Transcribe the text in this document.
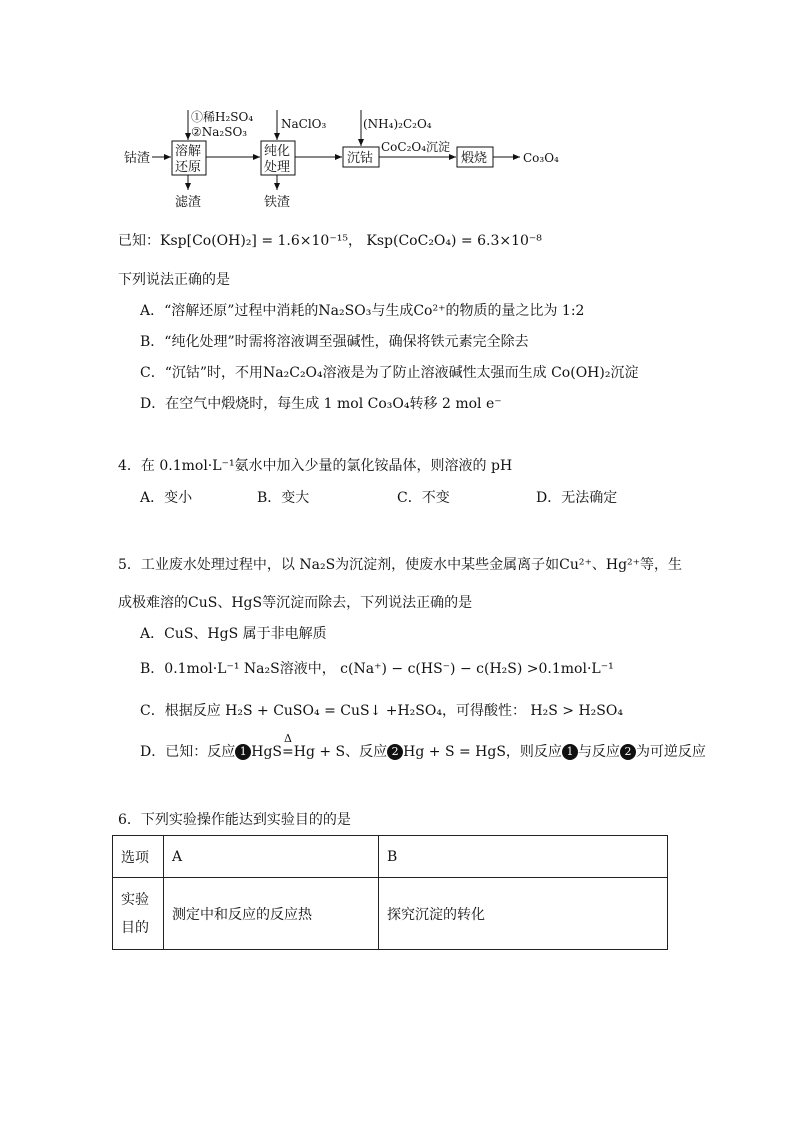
钴渣 溶解
还原
①稀H₂SO₄
②Na₂SO₃
滤渣
纯化
处理
NaClO₃
铁渣
沉钴
(NH₄)₂C₂O₄
CoC₂O₄沉淀
煅烧	Co₃O₄
已知：Ksp[Co(OH)₂] = 1.6×10⁻¹⁵， Ksp(CoC₂O₄) = 6.3×10⁻⁸
下列说法正确的是
A．“溶解还原”过程中消耗的Na₂SO₃与生成Co²⁺的物质的量之比为 1:2
B．“纯化处理”时需将溶液调至强碱性，确保将铁元素完全除去
C．“沉钴”时，不用Na₂C₂O₄溶液是为了防止溶液碱性太强而生成 Co(OH)₂沉淀
D．在空气中煅烧时，每生成 1 mol Co₃O₄转移 2 mol e⁻
4．在 0.1mol·L⁻¹氨水中加入少量的氯化铵晶体，则溶液的 pH
A．变小	B．变大	C．不变	D．无法确定
5．工业废水处理过程中，以 Na₂S为沉淀剂，使废水中某些金属离子如Cu²⁺、Hg²⁺等，生
成极难溶的CuS、HgS等沉淀而除去，下列说法正确的是
A．CuS、HgS 属于非电解质
B．0.1mol·L⁻¹ Na₂S溶液中， c(Na⁺) − c(HS⁻) − c(H₂S) >0.1mol·L⁻¹
C．根据反应 H₂S + CuSO₄ = CuS↓ +H₂SO₄，可得酸性： H₂S > H₂SO₄
D．已知：反应 1 HgS
Δ
=Hg + S、反应 2 Hg + S = HgS，则反应 1 与反应 2 为可逆反应
6．下列实验操作能达到实验目的的是
选项	A	B
实验目的	测定中和反应的反应热	探究沉淀的转化
